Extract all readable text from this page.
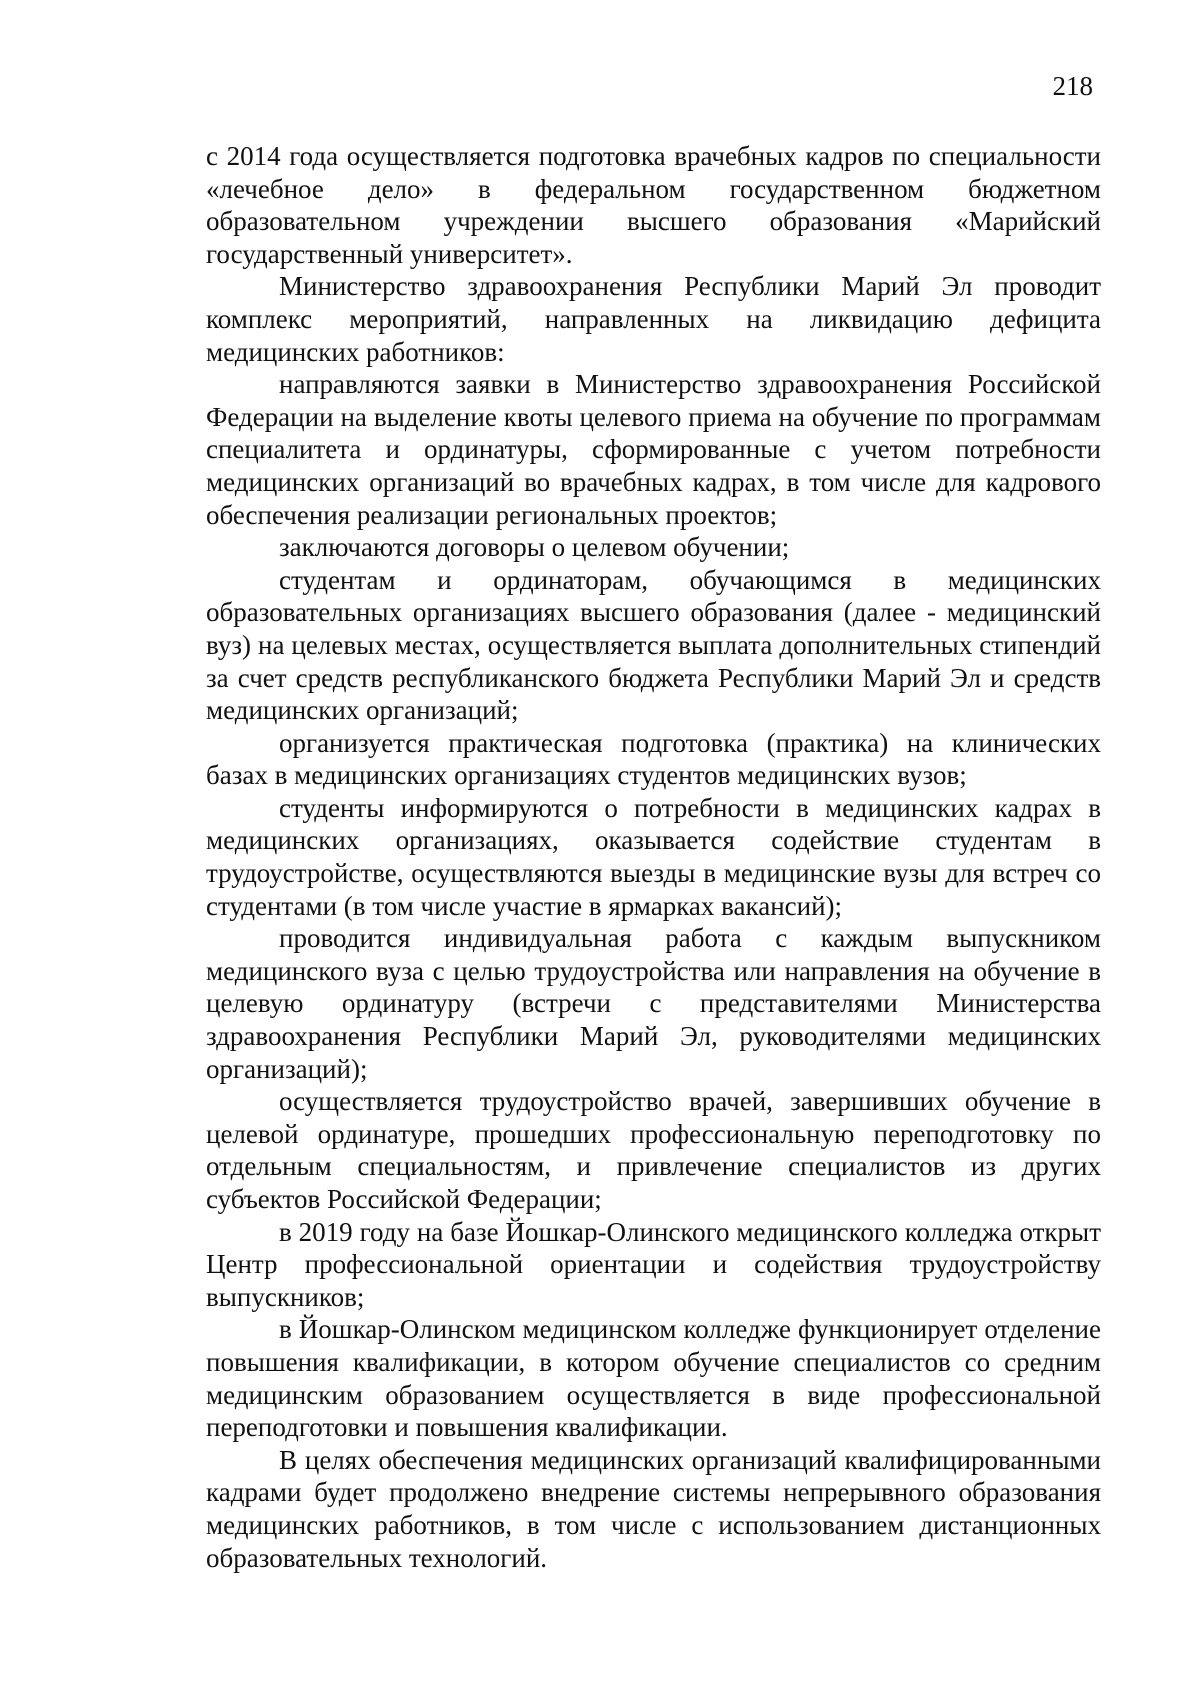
218

с 2014 года осуществляется подготовка врачебных кадров по специальности «лечебное дело» в федеральном государственном бюджетном образовательном учреждении высшего образования «Марийский государственный университет».

Министерство здравоохранения Республики Марий Эл проводит комплекс мероприятий, направленных на ликвидацию дефицита медицинских работников:

направляются заявки в Министерство здравоохранения Российской Федерации на выделение квоты целевого приема на обучение по программам специалитета и ординатуры, сформированные с учетом потребности медицинских организаций во врачебных кадрах, в том числе для кадрового обеспечения реализации региональных проектов;

заключаются договоры о целевом обучении;

студентам и ординаторам, обучающимся в медицинских образовательных организациях высшего образования (далее - медицинский вуз) на целевых местах, осуществляется выплата дополнительных стипендий за счет средств республиканского бюджета Республики Марий Эл и средств медицинских организаций;

организуется практическая подготовка (практика) на клинических базах в медицинских организациях студентов медицинских вузов;

студенты информируются о потребности в медицинских кадрах в медицинских организациях, оказывается содействие студентам в трудоустройстве, осуществляются выезды в медицинские вузы для встреч со студентами (в том числе участие в ярмарках вакансий);

проводится индивидуальная работа с каждым выпускником медицинского вуза с целью трудоустройства или направления на обучение в целевую ординатуру (встречи с представителями Министерства здравоохранения Республики Марий Эл, руководителями медицинских организаций);

осуществляется трудоустройство врачей, завершивших обучение в целевой ординатуре, прошедших профессиональную переподготовку по отдельным специальностям, и привлечение специалистов из других субъектов Российской Федерации;

в 2019 году на базе Йошкар-Олинского медицинского колледжа открыт Центр профессиональной ориентации и содействия трудоустройству выпускников;

в Йошкар-Олинском медицинском колледже функционирует отделение повышения квалификации, в котором обучение специалистов со средним медицинским образованием осуществляется в виде профессиональной переподготовки и повышения квалификации.

В целях обеспечения медицинских организаций квалифицированными кадрами будет продолжено внедрение системы непрерывного образования медицинских работников, в том числе с использованием дистанционных образовательных технологий.
